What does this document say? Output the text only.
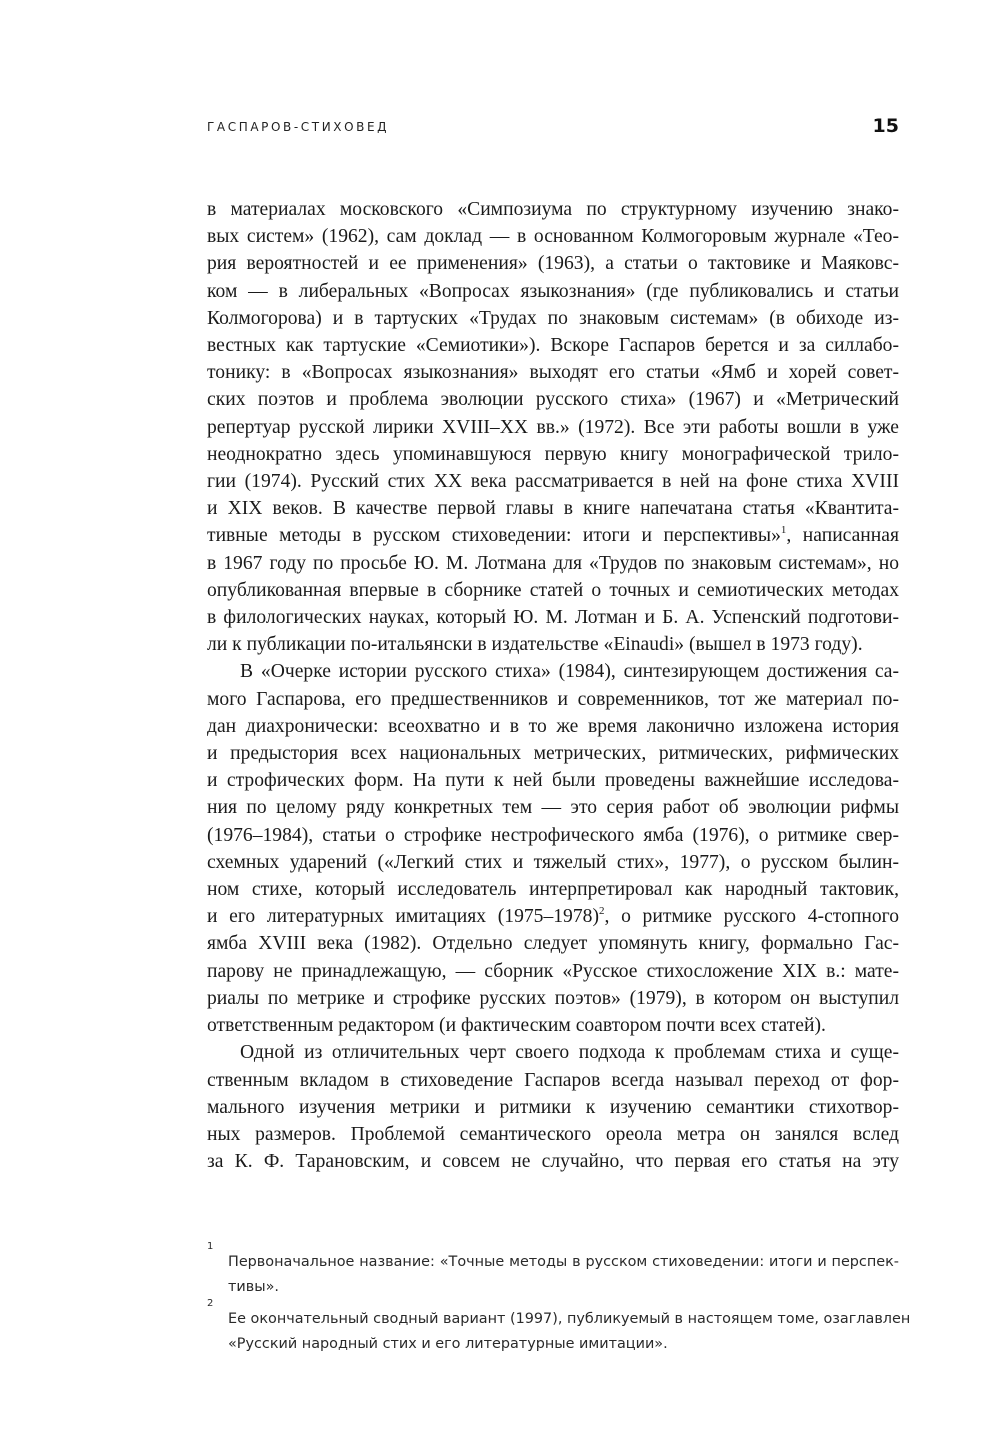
ГАСПАРОВ-СТИХОВЕД	15

в материалах московского «Симпозиума по структурному изучению знако-
вых систем» (1962), сам доклад — в основанном Колмогоровым журнале «Тео-
рия вероятностей и ее применения» (1963), а статьи о тактовике и Маяковс-
ком — в либеральных «Вопросах языкознания» (где публиковались и статьи
Колмогорова) и в тартуских «Трудах по знаковым системам» (в обиходе из-
вестных как тартуские «Семиотики»). Вскоре Гаспаров берется и за силлабо-
тонику: в «Вопросах языкознания» выходят его статьи «Ямб и хорей совет-
ских поэтов и проблема эволюции русского стиха» (1967) и «Метрический
репертуар русской лирики XVIII–XX вв.» (1972). Все эти работы вошли в уже
неоднократно здесь упоминавшуюся первую книгу монографической трило-
гии (1974). Русский стих XX века рассматривается в ней на фоне стиха XVIII
и XIX веков. В качестве первой главы в книге напечатана статья «Квантита-
тивные методы в русском стиховедении: итоги и перспективы»$^1$, написанная
в 1967 году по просьбе Ю. М. Лотмана для «Трудов по знаковым системам», но
опубликованная впервые в сборнике статей о точных и семиотических методах
в филологических науках, который Ю. М. Лотман и Б. А. Успенский подготови-
ли к публикации по-итальянски в издательстве «Einaudi» (вышел в 1973 году).

В «Очерке истории русского стиха» (1984), синтезирующем достижения са-
мого Гаспарова, его предшественников и современников, тот же материал по-
дан диахронически: всеохватно и в то же время лаконично изложена история
и предыстория всех национальных метрических, ритмических, рифмических
и строфических форм. На пути к ней были проведены важнейшие исследова-
ния по целому ряду конкретных тем — это серия работ об эволюции рифмы
(1976–1984), статьи о строфике нестрофического ямба (1976), о ритмике свер-
схемных ударений («Легкий стих и тяжелый стих», 1977), о русском былин-
ном стихе, который исследователь интерпретировал как народный тактовик,
и его литературных имитациях (1975–1978)$^2$, о ритмике русского 4-стопного
ямба XVIII века (1982). Отдельно следует упомянуть книгу, формально Гас-
парову не принадлежащую, — сборник «Русское стихосложение XIX в.: мате-
риалы по метрике и строфике русских поэтов» (1979), в котором он выступил
ответственным редактором (и фактическим соавтором почти всех статей).

Одной из отличительных черт своего подхода к проблемам стиха и суще-
ственным вкладом в стиховедение Гаспаров всегда называл переход от фор-
мального изучения метрики и ритмики к изучению семантики стихотвор-
ных размеров. Проблемой семантического ореола метра он занялся вслед
за К. Ф. Тарановским, и совсем не случайно, что первая его статья на эту

1
Первоначальное название: «Точные методы в русском стиховедении: итоги и перспек-
тивы».
2
Ее окончательный сводный вариант (1997), публикуемый в настоящем томе, озаглавлен
«Русский народный стих и его литературные имитации».
